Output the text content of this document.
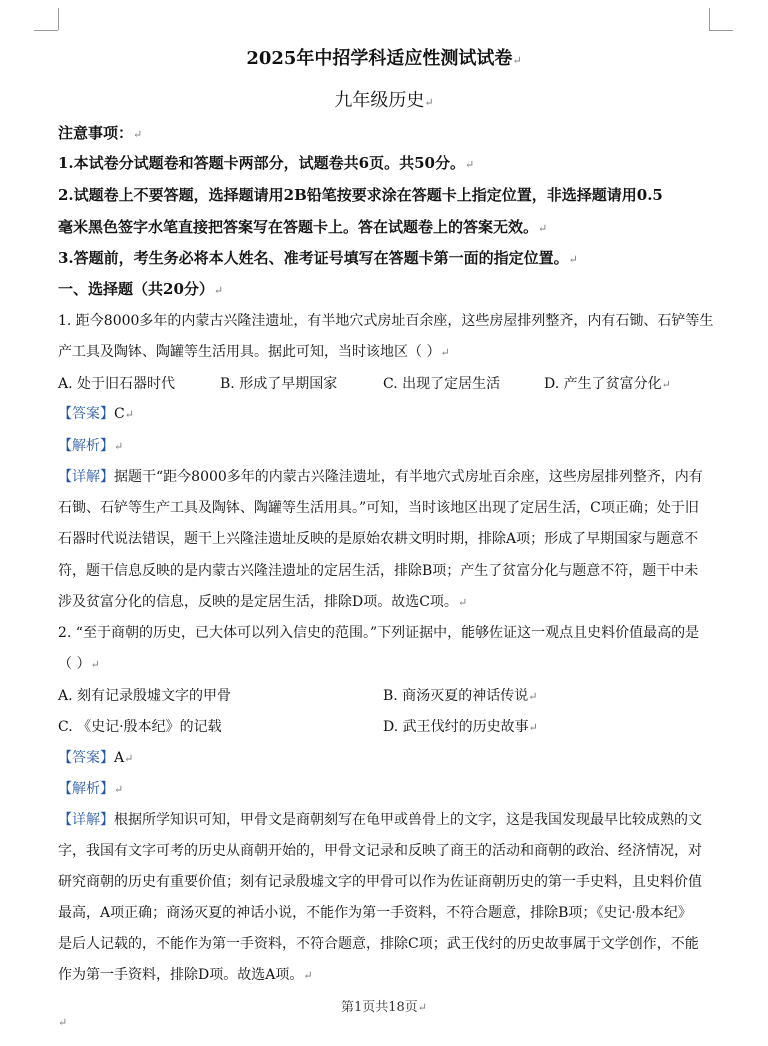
2025年中招学科适应性测试试卷↵
九年级历史↵
注意事项：↵
1.本试卷分试题卷和答题卡两部分，试题卷共6页。共50分。↵
2.试题卷上不要答题，选择题请用2B铅笔按要求涂在答题卡上指定位置，非选择题请用0.5
毫米黑色签字水笔直接把答案写在答题卡上。答在试题卷上的答案无效。↵
3.答题前，考生务必将本人姓名、准考证号填写在答题卡第一面的指定位置。↵
一、选择题（共20分）↵
1. 距今8000多年的内蒙古兴隆洼遗址，有半地穴式房址百余座，这些房屋排列整齐，内有石锄、石铲等生
产工具及陶钵、陶罐等生活用具。据此可知，当时该地区（ ）↵
A. 处于旧石器时代	B. 形成了早期国家	C. 出现了定居生活	D. 产生了贫富分化↵
【答案】C↵
【解析】↵
【详解】据题干“距今8000多年的内蒙古兴隆洼遗址，有半地穴式房址百余座，这些房屋排列整齐，内有
石锄、石铲等生产工具及陶钵、陶罐等生活用具。”可知，当时该地区出现了定居生活，C项正确；处于旧
石器时代说法错误，题干上兴隆洼遗址反映的是原始农耕文明时期，排除A项；形成了早期国家与题意不
符，题干信息反映的是内蒙古兴隆洼遗址的定居生活，排除B项；产生了贫富分化与题意不符，题干中未
涉及贫富分化的信息，反映的是定居生活，排除D项。故选C项。↵
2. “至于商朝的历史，已大体可以列入信史的范围。”下列证据中，能够佐证这一观点且史料价值最高的是
（ ）↵
A. 刻有记录殷墟文字的甲骨	B. 商汤灭夏的神话传说↵
C. 《史记·殷本纪》的记载	D. 武王伐纣的历史故事↵
【答案】A↵
【解析】↵
【详解】根据所学知识可知，甲骨文是商朝刻写在龟甲或兽骨上的文字，这是我国发现最早比较成熟的文
字，我国有文字可考的历史从商朝开始的，甲骨文记录和反映了商王的活动和商朝的政治、经济情况，对
研究商朝的历史有重要价值；刻有记录殷墟文字的甲骨可以作为佐证商朝历史的第一手史料，且史料价值
最高，A项正确；商汤灭夏的神话小说，不能作为第一手资料，不符合题意，排除B项；《史记·殷本纪》
是后人记载的，不能作为第一手资料，不符合题意，排除C项；武王伐纣的历史故事属于文学创作，不能
作为第一手资料，排除D项。故选A项。↵
第1页共18页↵
↵
